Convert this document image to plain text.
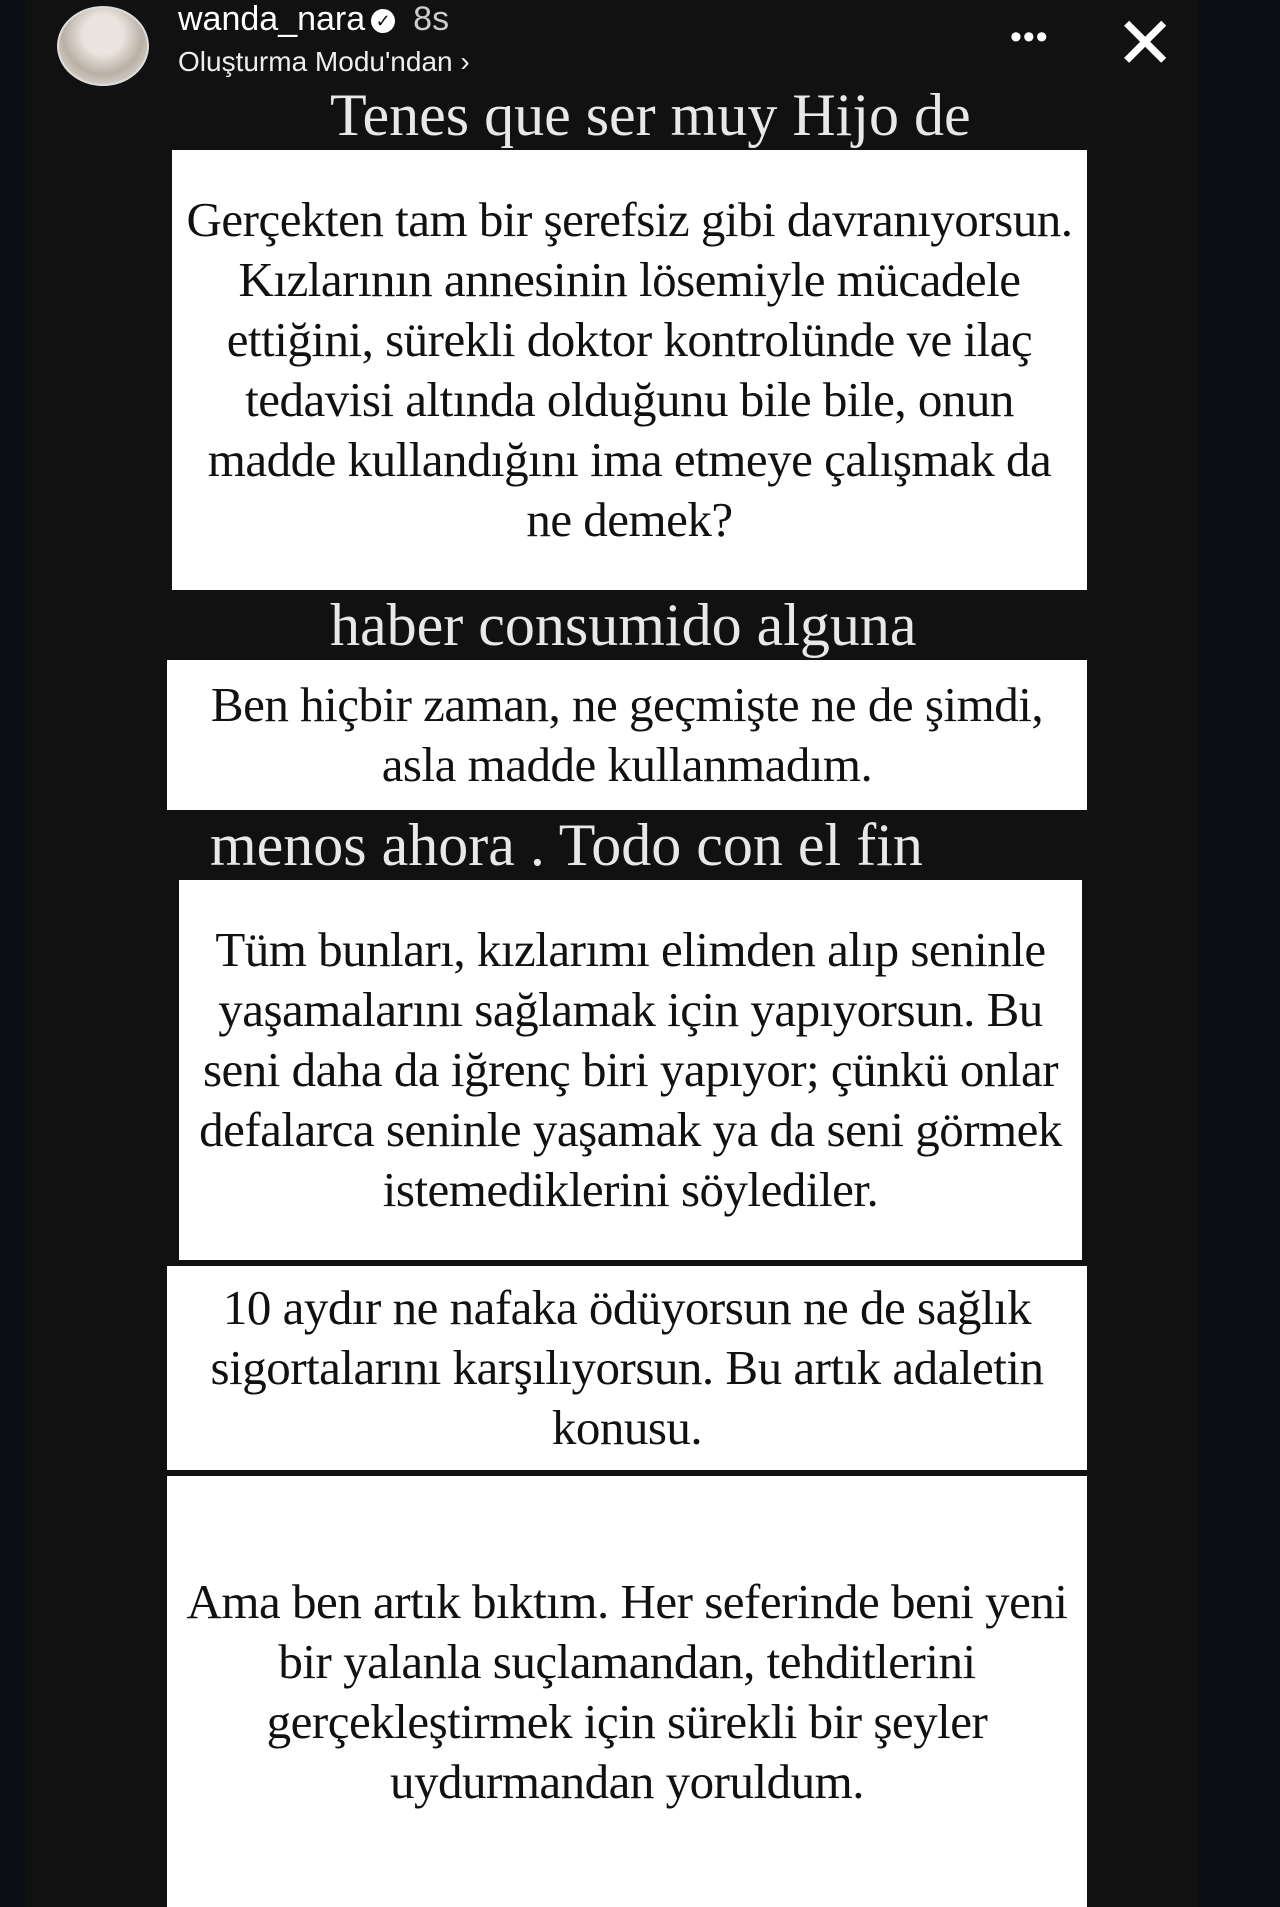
Tenes que ser muy Hijo de
haber consumido alguna
menos ahora . Todo con el fin
wanda_nara ✓ 8s
Oluşturma Modu'ndan ›
••• ✕
Gerçekten tam bir şerefsiz gibi davranıyorsun. Kızlarının annesinin lösemiyle mücadele ettiğini, sürekli doktor kontrolünde ve ilaç tedavisi altında olduğunu bile bile, onun madde kullandığını ima etmeye çalışmak da ne demek?
Ben hiçbir zaman, ne geçmişte ne de şimdi, asla madde kullanmadım.
Tüm bunları, kızlarımı elimden alıp seninle yaşamalarını sağlamak için yapıyorsun. Bu seni daha da iğrenç biri yapıyor; çünkü onlar defalarca seninle yaşamak ya da seni görmek istemediklerini söylediler.
10 aydır ne nafaka ödüyorsun ne de sağlık sigortalarını karşılıyorsun. Bu artık adaletin konusu.
Ama ben artık bıktım. Her seferinde beni yeni bir yalanla suçlamandan, tehditlerini gerçekleştirmek için sürekli bir şeyler uydurmandan yoruldum.
